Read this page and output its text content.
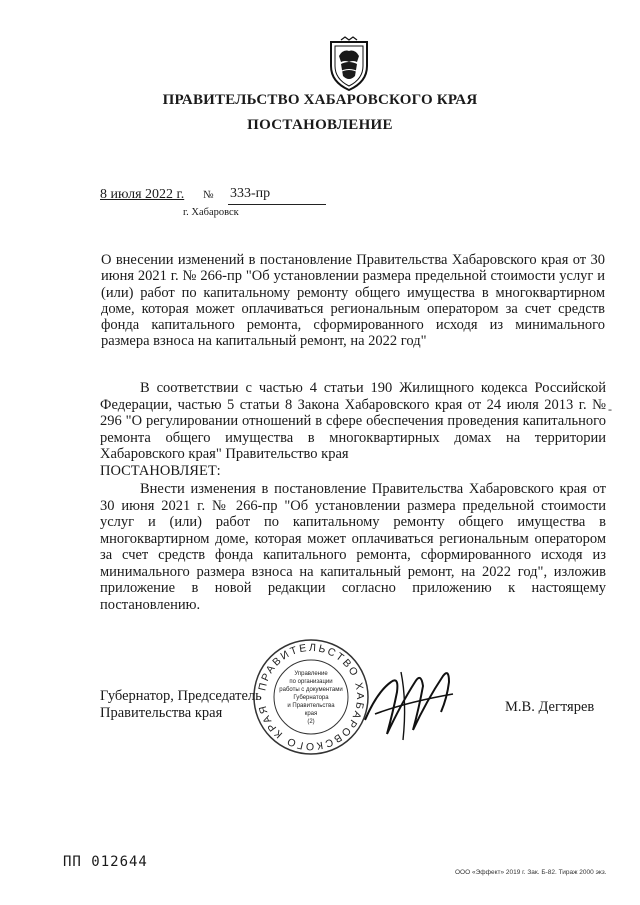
ПРАВИТЕЛЬСТВО ХАБАРОВСКОГО КРАЯ
ПОСТАНОВЛЕНИЕ
8 июля 2022 г. № 333-пр
г. Хабаровск
О внесении изменений в постановление Правительства Хабаровского края от 30 июня 2021 г. № 266-пр "Об установлении размера предельной стоимости услуг и (или) работ по капитальному ремонту общего имущества в многоквартирном доме, которая может оплачиваться региональным оператором за счет средств фонда капитального ремонта, сформированного исходя из минимального размера взноса на капитальный ремонт, на 2022 год"
В соответствии с частью 4 статьи 190 Жилищного кодекса Российской Федерации, частью 5 статьи 8 Закона Хабаровского края от 24 июля 2013 г. № 296 "О регулировании отношений в сфере обеспечения проведения капитального ремонта общего имущества в многоквартирных домах на территории Хабаровского края" Правительство края
-
ПОСТАНОВЛЯЕТ:
Внести изменения в постановление Правительства Хабаровского края от 30 июня 2021 г. № 266-пр "Об установлении размера предельной стоимости услуг и (или) работ по капитальному ремонту общего имущества в многоквартирном доме, которая может оплачиваться региональным оператором за счет средств фонда капитального ремонта, сформированного исходя из минимального размера взноса на капитальный ремонт, на 2022 год", изложив приложение в новой редакции согласно приложению к настоящему постановлению.
Губернатор, Председатель
Правительства края	М.В. Дегтярев
ПРАВИТЕЛЬСТВО ХАБАРОВСКОГО КРАЯ
Управление
по организации
работы с документами
Губернатора
и Правительства
края
(2)
ПП 012644
ООО «Эффект» 2019 г. Зак. Б-82. Тираж 2000 экз.
